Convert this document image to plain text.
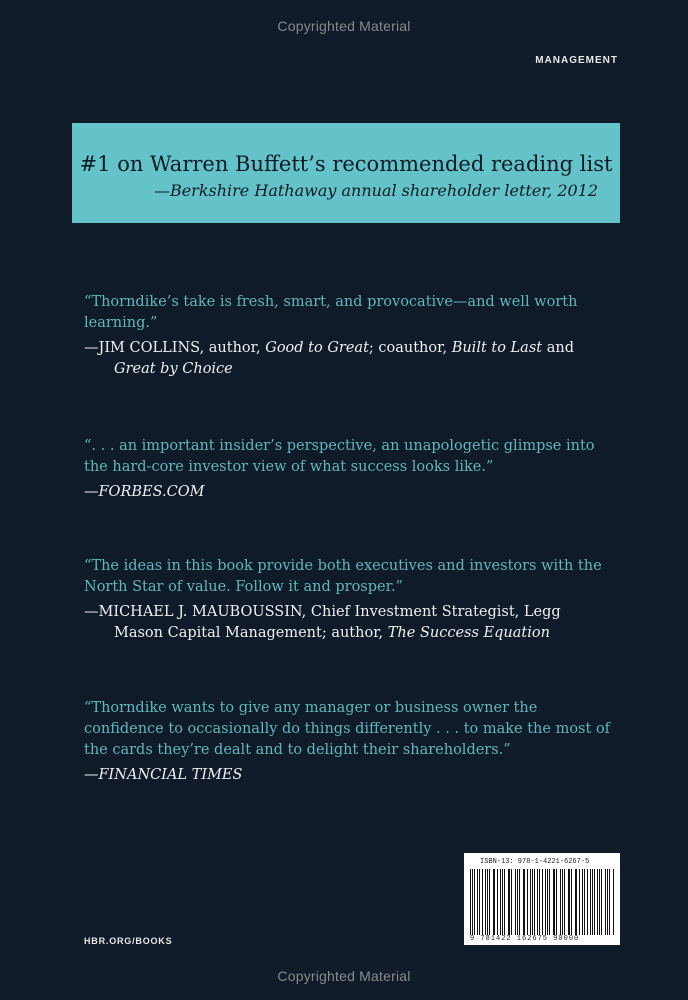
Copyrighted Material
MANAGEMENT
#1 on Warren Buffett’s recommended reading list
—Berkshire Hathaway annual shareholder letter, 2012
“Thorndike’s take is fresh, smart, and provocative—and well worth learning.”
—JIM COLLINS, author, Good to Great; coauthor, Built to Last and Great by Choice
“. . . an important insider’s perspective, an unapologetic glimpse into the hard-core investor view of what success looks like.”
—FORBES.COM
“The ideas in this book provide both executives and investors with the North Star of value. Follow it and prosper.”
—MICHAEL J. MAUBOUSSIN, Chief Investment Strategist, Legg Mason Capital Management; author, The Success Equation
“Thorndike wants to give any manager or business owner the confidence to occasionally do things differently . . . to make the most of the cards they’re dealt and to delight their shareholders.”
—FINANCIAL TIMES
ISBN-13: 978-1-4221-6267-5
9 781422 162675 90000
HBR.ORG/BOOKS
Copyrighted Material
